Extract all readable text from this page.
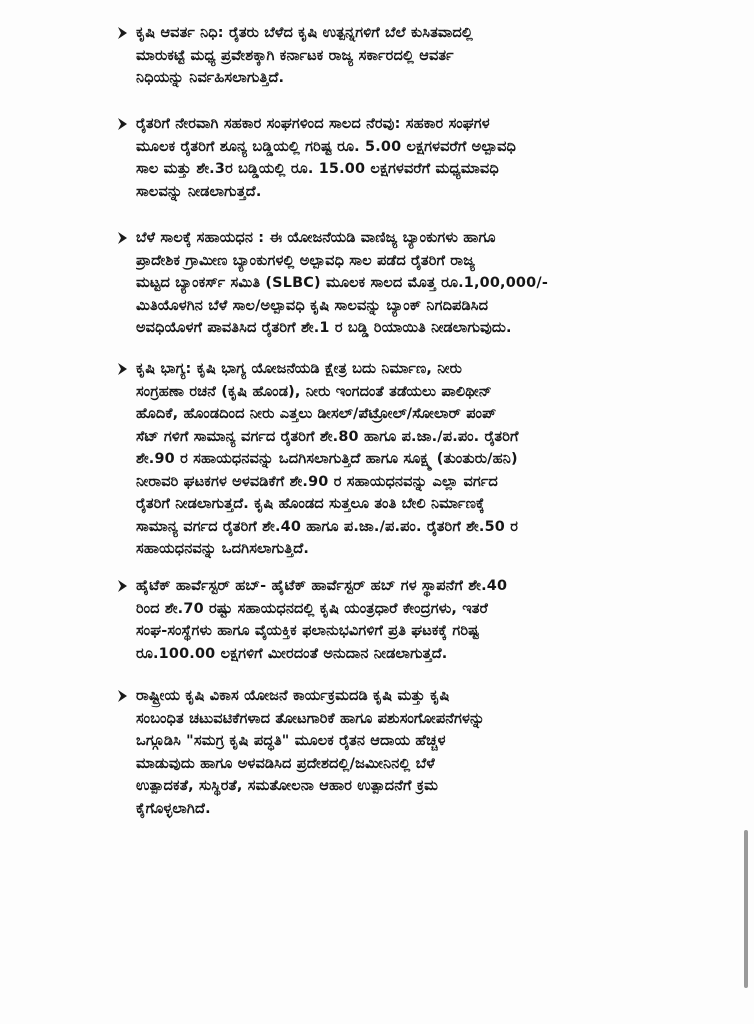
ಕೃಷಿ ಆವರ್ತ ನಿಧಿ: ರೈತರು ಬೆಳೆದ ಕೃಷಿ ಉತ್ಪನ್ನಗಳಿಗೆ ಬೆಲೆ ಕುಸಿತವಾದಲ್ಲಿ
ಮಾರುಕಟ್ಟೆ ಮಧ್ಯ ಪ್ರವೇಶಕ್ಕಾಗಿ ಕರ್ನಾಟಕ ರಾಜ್ಯ ಸರ್ಕಾರದಲ್ಲಿ ಆವರ್ತ
ನಿಧಿಯನ್ನು ನಿರ್ವಹಿಸಲಾಗುತ್ತಿದೆ.
ರೈತರಿಗೆ ನೇರವಾಗಿ ಸಹಕಾರ ಸಂಘಗಳಿಂದ ಸಾಲದ ನೆರವು: ಸಹಕಾರ ಸಂಘಗಳ
ಮೂಲಕ ರೈತರಿಗೆ ಶೂನ್ಯ ಬಡ್ಡಿಯಲ್ಲಿ ಗರಿಷ್ಟ ರೂ. 5.00 ಲಕ್ಷಗಳವರೆಗೆ ಅಲ್ಪಾವಧಿ
ಸಾಲ ಮತ್ತು ಶೇ.3ರ ಬಡ್ಡಿಯಲ್ಲಿ ರೂ. 15.00 ಲಕ್ಷಗಳವರೆಗೆ ಮಧ್ಯಮಾವಧಿ
ಸಾಲವನ್ನು ನೀಡಲಾಗುತ್ತದೆ.
ಬೆಳೆ ಸಾಲಕ್ಕೆ ಸಹಾಯಧನ : ಈ ಯೋಜನೆಯಡಿ ವಾಣಿಜ್ಯ ಬ್ಯಾಂಕುಗಳು ಹಾಗೂ
ಪ್ರಾದೇಶಿಕ ಗ್ರಾಮೀಣ ಬ್ಯಾಂಕುಗಳಲ್ಲಿ ಅಲ್ಪಾವಧಿ ಸಾಲ ಪಡೆದ ರೈತರಿಗೆ ರಾಜ್ಯ
ಮಟ್ಟದ ಬ್ಯಾಂಕರ್ಸ್ ಸಮಿತಿ (SLBC) ಮೂಲಕ ಸಾಲದ ಮೊತ್ತ ರೂ.1,00,000/-
ಮಿತಿಯೊಳಗಿನ ಬೆಳೆ ಸಾಲ/ಅಲ್ಪಾವಧಿ ಕೃಷಿ ಸಾಲವನ್ನು ಬ್ಯಾಂಕ್ ನಿಗದಿಪಡಿಸಿದ
ಅವಧಿಯೊಳಗೆ ಪಾವತಿಸಿದ ರೈತರಿಗೆ ಶೇ.1 ರ ಬಡ್ಡಿ ರಿಯಾಯಿತಿ ನೀಡಲಾಗುವುದು.
ಕೃಷಿ ಭಾಗ್ಯ: ಕೃಷಿ ಭಾಗ್ಯ ಯೋಜನೆಯಡಿ ಕ್ಷೇತ್ರ ಬದು ನಿರ್ಮಾಣ, ನೀರು
ಸಂಗ್ರಹಣಾ ರಚನೆ (ಕೃಷಿ ಹೊಂಡ), ನೀರು ಇಂಗದಂತೆ ತಡೆಯಲು ಪಾಲಿಥೀನ್
ಹೊದಿಕೆ, ಹೊಂಡದಿಂದ ನೀರು ಎತ್ತಲು ಡೀಸಲ್/ಪೆಟ್ರೋಲ್/ಸೋಲಾರ್ ಪಂಪ್
ಸೆಟ್ ಗಳಿಗೆ ಸಾಮಾನ್ಯ ವರ್ಗದ ರೈತರಿಗೆ ಶೇ.80 ಹಾಗೂ ಪ.ಜಾ./ಪ.ಪಂ. ರೈತರಿಗೆ
ಶೇ.90 ರ ಸಹಾಯಧನವನ್ನು ಒದಗಿಸಲಾಗುತ್ತಿದೆ ಹಾಗೂ ಸೂಕ್ಷ್ಮ (ತುಂತುರು/ಹನಿ)
ನೀರಾವರಿ ಘಟಕಗಳ ಅಳವಡಿಕೆಗೆ ಶೇ.90 ರ ಸಹಾಯಧನವನ್ನು ಎಲ್ಲಾ ವರ್ಗದ
ರೈತರಿಗೆ ನೀಡಲಾಗುತ್ತದೆ. ಕೃಷಿ ಹೊಂಡದ ಸುತ್ತಲೂ ತಂತಿ ಬೇಲಿ ನಿರ್ಮಾಣಕ್ಕೆ
ಸಾಮಾನ್ಯ ವರ್ಗದ ರೈತರಿಗೆ ಶೇ.40 ಹಾಗೂ ಪ.ಜಾ./ಪ.ಪಂ. ರೈತರಿಗೆ ಶೇ.50 ರ
ಸಹಾಯಧನವನ್ನು ಒದಗಿಸಲಾಗುತ್ತಿದೆ.
ಹೈಟೆಕ್ ಹಾರ್ವೆಸ್ಟರ್ ಹಬ್- ಹೈಟೆಕ್ ಹಾರ್ವೆಸ್ಟರ್ ಹಬ್ ಗಳ ಸ್ಥಾಪನೆಗೆ ಶೇ.40
ರಿಂದ ಶೇ.70 ರಷ್ಟು ಸಹಾಯಧನದಲ್ಲಿ ಕೃಷಿ ಯಂತ್ರಧಾರೆ ಕೇಂದ್ರಗಳು, ಇತರೆ
ಸಂಘ-ಸಂಸ್ಥೆಗಳು ಹಾಗೂ ವೈಯಕ್ತಿಕ ಫಲಾನುಭವಿಗಳಿಗೆ ಪ್ರತಿ ಘಟಕಕ್ಕೆ ಗರಿಷ್ಟ
ರೂ.100.00 ಲಕ್ಷಗಳಿಗೆ ಮೀರದಂತೆ ಅನುದಾನ ನೀಡಲಾಗುತ್ತದೆ.
ರಾಷ್ಟ್ರೀಯ ಕೃಷಿ ವಿಕಾಸ ಯೋಜನೆ ಕಾರ್ಯಕ್ರಮದಡಿ ಕೃಷಿ ಮತ್ತು ಕೃಷಿ
ಸಂಬಂಧಿತ ಚಟುವಟಿಕೆಗಳಾದ ತೋಟಗಾರಿಕೆ ಹಾಗೂ ಪಶುಸಂಗೋಪನೆಗಳನ್ನು
ಒಗ್ಗೂಡಿಸಿ "ಸಮಗ್ರ ಕೃಷಿ ಪದ್ಧತಿ" ಮೂಲಕ ರೈತನ ಆದಾಯ ಹೆಚ್ಚಳ
ಮಾಡುವುದು ಹಾಗೂ ಅಳವಡಿಸಿದ ಪ್ರದೇಶದಲ್ಲಿ/ಜಮೀನಿನಲ್ಲಿ ಬೆಳೆ
ಉತ್ಪಾದಕತೆ, ಸುಸ್ಥಿರತೆ, ಸಮತೋಲನಾ ಆಹಾರ ಉತ್ಪಾದನೆಗೆ ಕ್ರಮ
ಕೈಗೊಳ್ಳಲಾಗಿದೆ.
